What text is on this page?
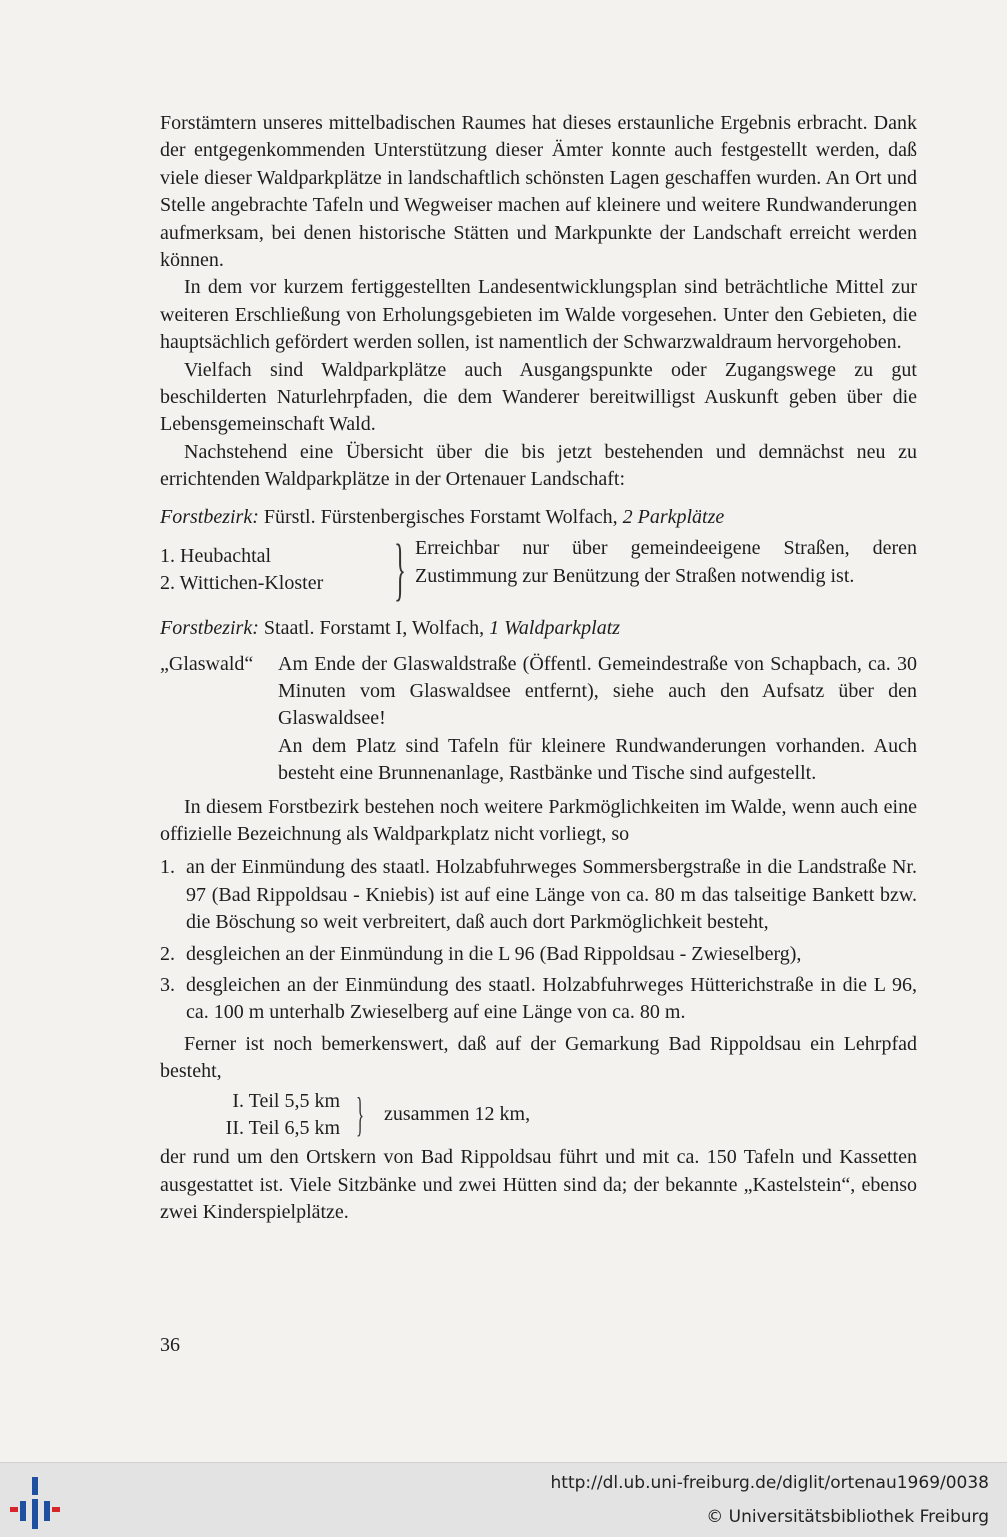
Forstämtern unseres mittelbadischen Raumes hat dieses erstaunliche Ergebnis erbracht. Dank der entgegenkommenden Unterstützung dieser Ämter konnte auch festgestellt werden, daß viele dieser Waldparkplätze in landschaftlich schönsten Lagen geschaffen wurden. An Ort und Stelle angebrachte Tafeln und Wegweiser machen auf kleinere und weitere Rundwanderungen aufmerksam, bei denen historische Stätten und Markpunkte der Landschaft erreicht werden können.

In dem vor kurzem fertiggestellten Landesentwicklungsplan sind beträchtliche Mittel zur weiteren Erschließung von Erholungsgebieten im Walde vorgesehen. Unter den Gebieten, die hauptsächlich gefördert werden sollen, ist namentlich der Schwarzwaldraum hervorgehoben.

Vielfach sind Waldparkplätze auch Ausgangspunkte oder Zugangswege zu gut beschilderten Naturlehrpfaden, die dem Wanderer bereitwilligst Auskunft geben über die Lebensgemeinschaft Wald.

Nachstehend eine Übersicht über die bis jetzt bestehenden und demnächst neu zu errichtenden Waldparkplätze in der Ortenauer Landschaft:

Forstbezirk: Fürstl. Fürstenbergisches Forstamt Wolfach, 2 Parkplätze

1. Heubachtal
2. Wittichen-Kloster	} Erreichbar nur über gemeindeeigene Straßen, deren Zustimmung zur Benützung der Straßen notwendig ist.

Forstbezirk: Staatl. Forstamt I, Wolfach, 1 Waldparkplatz

„Glaswald“	Am Ende der Glaswaldstraße (Öffentl. Gemeindestraße von Schapbach, ca. 30 Minuten vom Glaswaldsee entfernt), siehe auch den Aufsatz über den Glaswaldsee!

An dem Platz sind Tafeln für kleinere Rundwanderungen vorhanden. Auch besteht eine Brunnenanlage, Rastbänke und Tische sind aufgestellt.

In diesem Forstbezirk bestehen noch weitere Parkmöglichkeiten im Walde, wenn auch eine offizielle Bezeichnung als Waldparkplatz nicht vorliegt, so

1. an der Einmündung des staatl. Holzabfuhrweges Sommersbergstraße in die Landstraße Nr. 97 (Bad Rippoldsau - Kniebis) ist auf eine Länge von ca. 80 m das talseitige Bankett bzw. die Böschung so weit verbreitert, daß auch dort Parkmöglichkeit besteht,
2. desgleichen an der Einmündung in die L 96 (Bad Rippoldsau - Zwieselberg),
3. desgleichen an der Einmündung des staatl. Holzabfuhrweges Hütterichstraße in die L 96, ca. 100 m unterhalb Zwieselberg auf eine Länge von ca. 80 m.

Ferner ist noch bemerkenswert, daß auf der Gemarkung Bad Rippoldsau ein Lehrpfad besteht,

I. Teil 5,5 km
II. Teil 6,5 km } zusammen 12 km,

der rund um den Ortskern von Bad Rippoldsau führt und mit ca. 150 Tafeln und Kassetten ausgestattet ist. Viele Sitzbänke und zwei Hütten sind da; der bekannte „Kastelstein“, ebenso zwei Kinderspielplätze.

36
http://dl.ub.uni-freiburg.de/diglit/ortenau1969/0038
© Universitätsbibliothek Freiburg
